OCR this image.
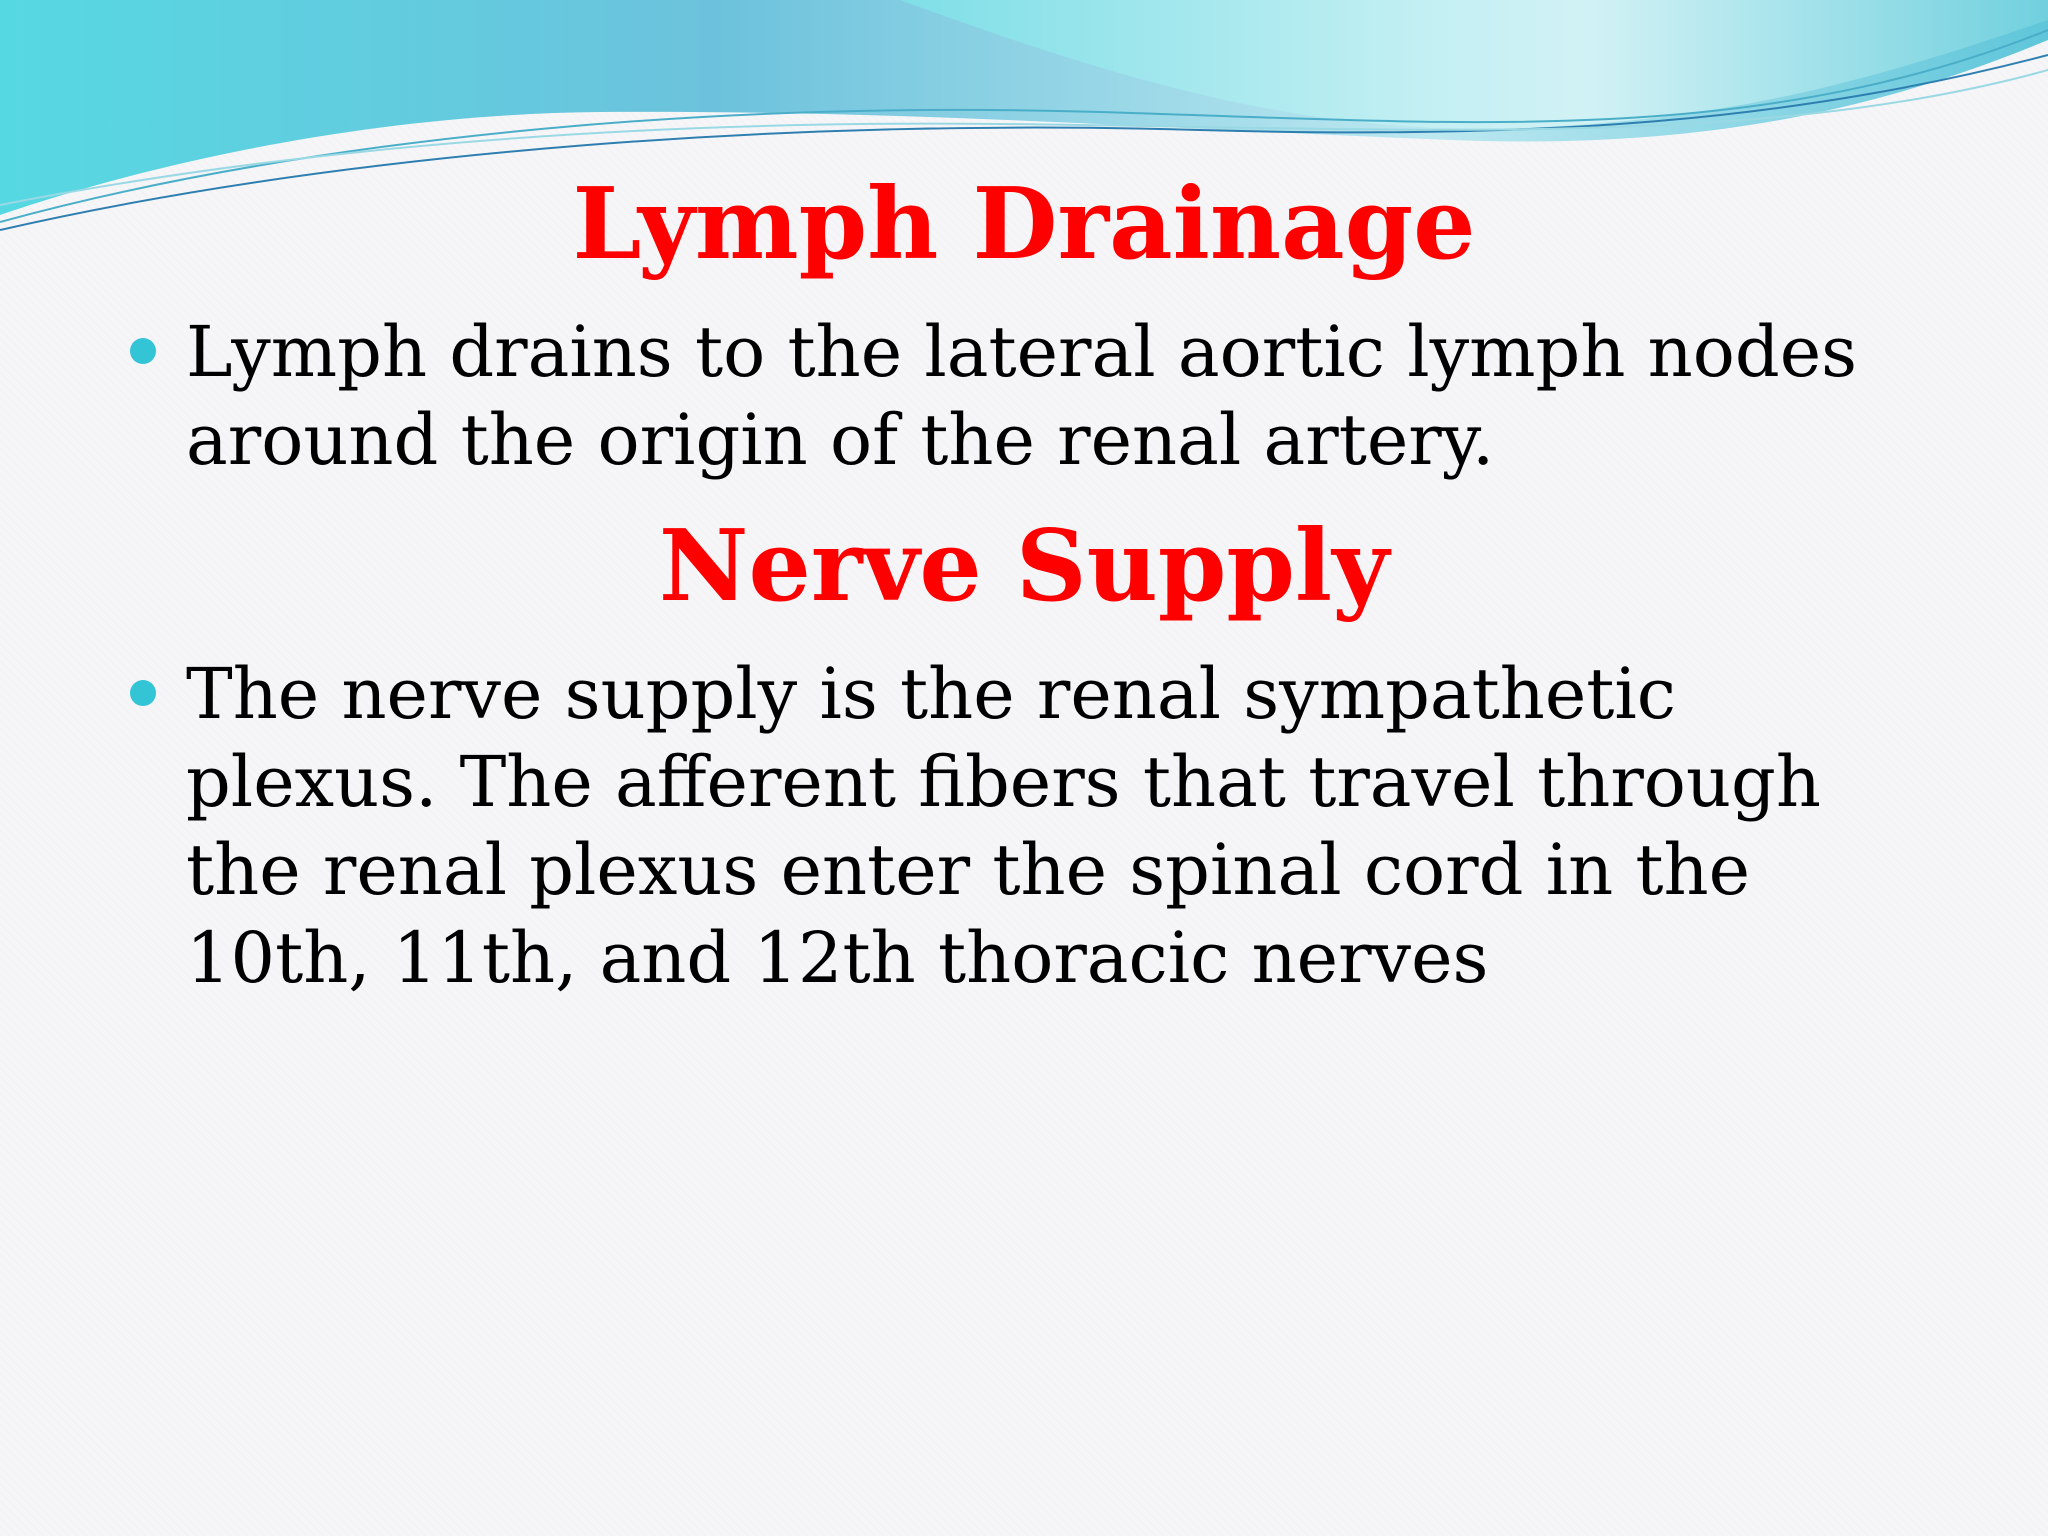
Lymph Drainage
Lymph drains to the lateral aortic lymph nodes around the origin of the renal artery.
Nerve Supply
The nerve supply is the renal sympathetic plexus. The afferent fibers that travel through the renal plexus enter the spinal cord in the 10th, 11th, and 12th thoracic nerves
